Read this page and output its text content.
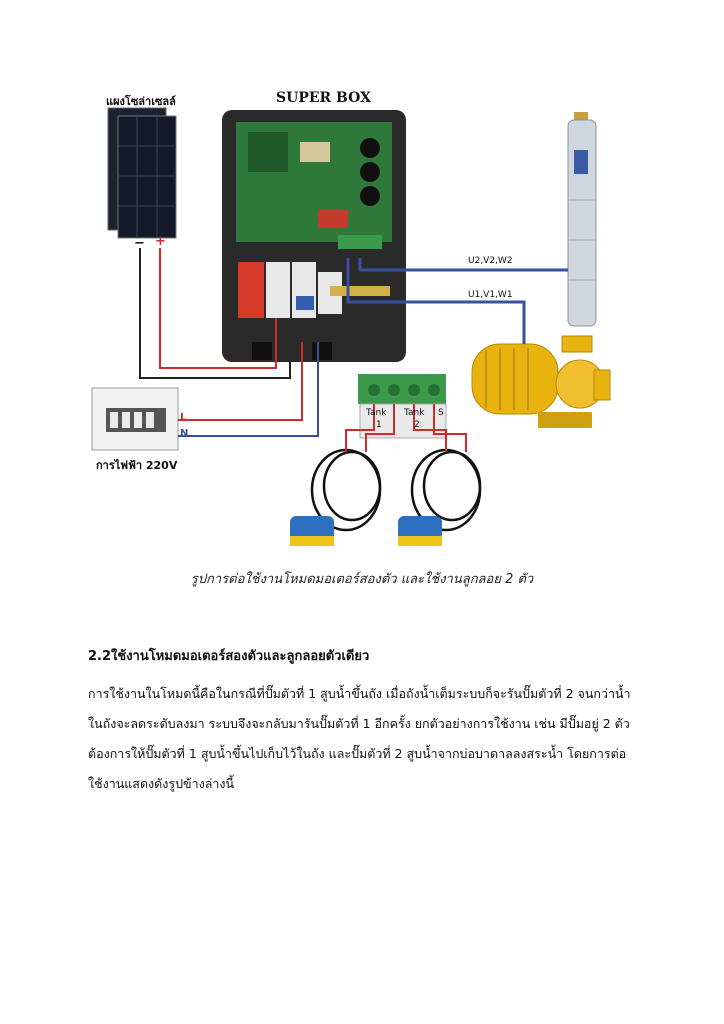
แผงโซล่าเซลล์	SUPER BOX
− +
U2,V2,W2
U1,V1,W1
L
N
การไฟฟ้า 220V
Tank
1
Tank
2
S
รูปการต่อใช้งานโหมดมอเตอร์สองตัว และใช้งานลูกลอย 2 ตัว
2.2ใช้งานโหมดมอเตอร์สองตัวและลูกลอยตัวเดียว
การใช้งานในโหมดนี้คือในกรณีที่ปั๊มตัวที่ 1 สูบน้ำขึ้นถัง เมื่อถังน้ำเต็มระบบก็จะรันปั๊มตัวที่ 2 จนกว่าน้ำ
ในถังจะลดระดับลงมา ระบบจึงจะกลับมารันปั๊มตัวที่ 1 อีกครั้ง ยกตัวอย่างการใช้งาน เช่น มีปั๊มอยู่ 2 ตัว
ต้องการให้ปั๊มตัวที่ 1 สูบน้ำขึ้นไปเก็บไว้ในถัง และปั๊มตัวที่ 2 สูบน้ำจากบ่อบาดาลลงสระน้ำ โดยการต่อ
ใช้งานแสดงดังรูปข้างล่างนี้
